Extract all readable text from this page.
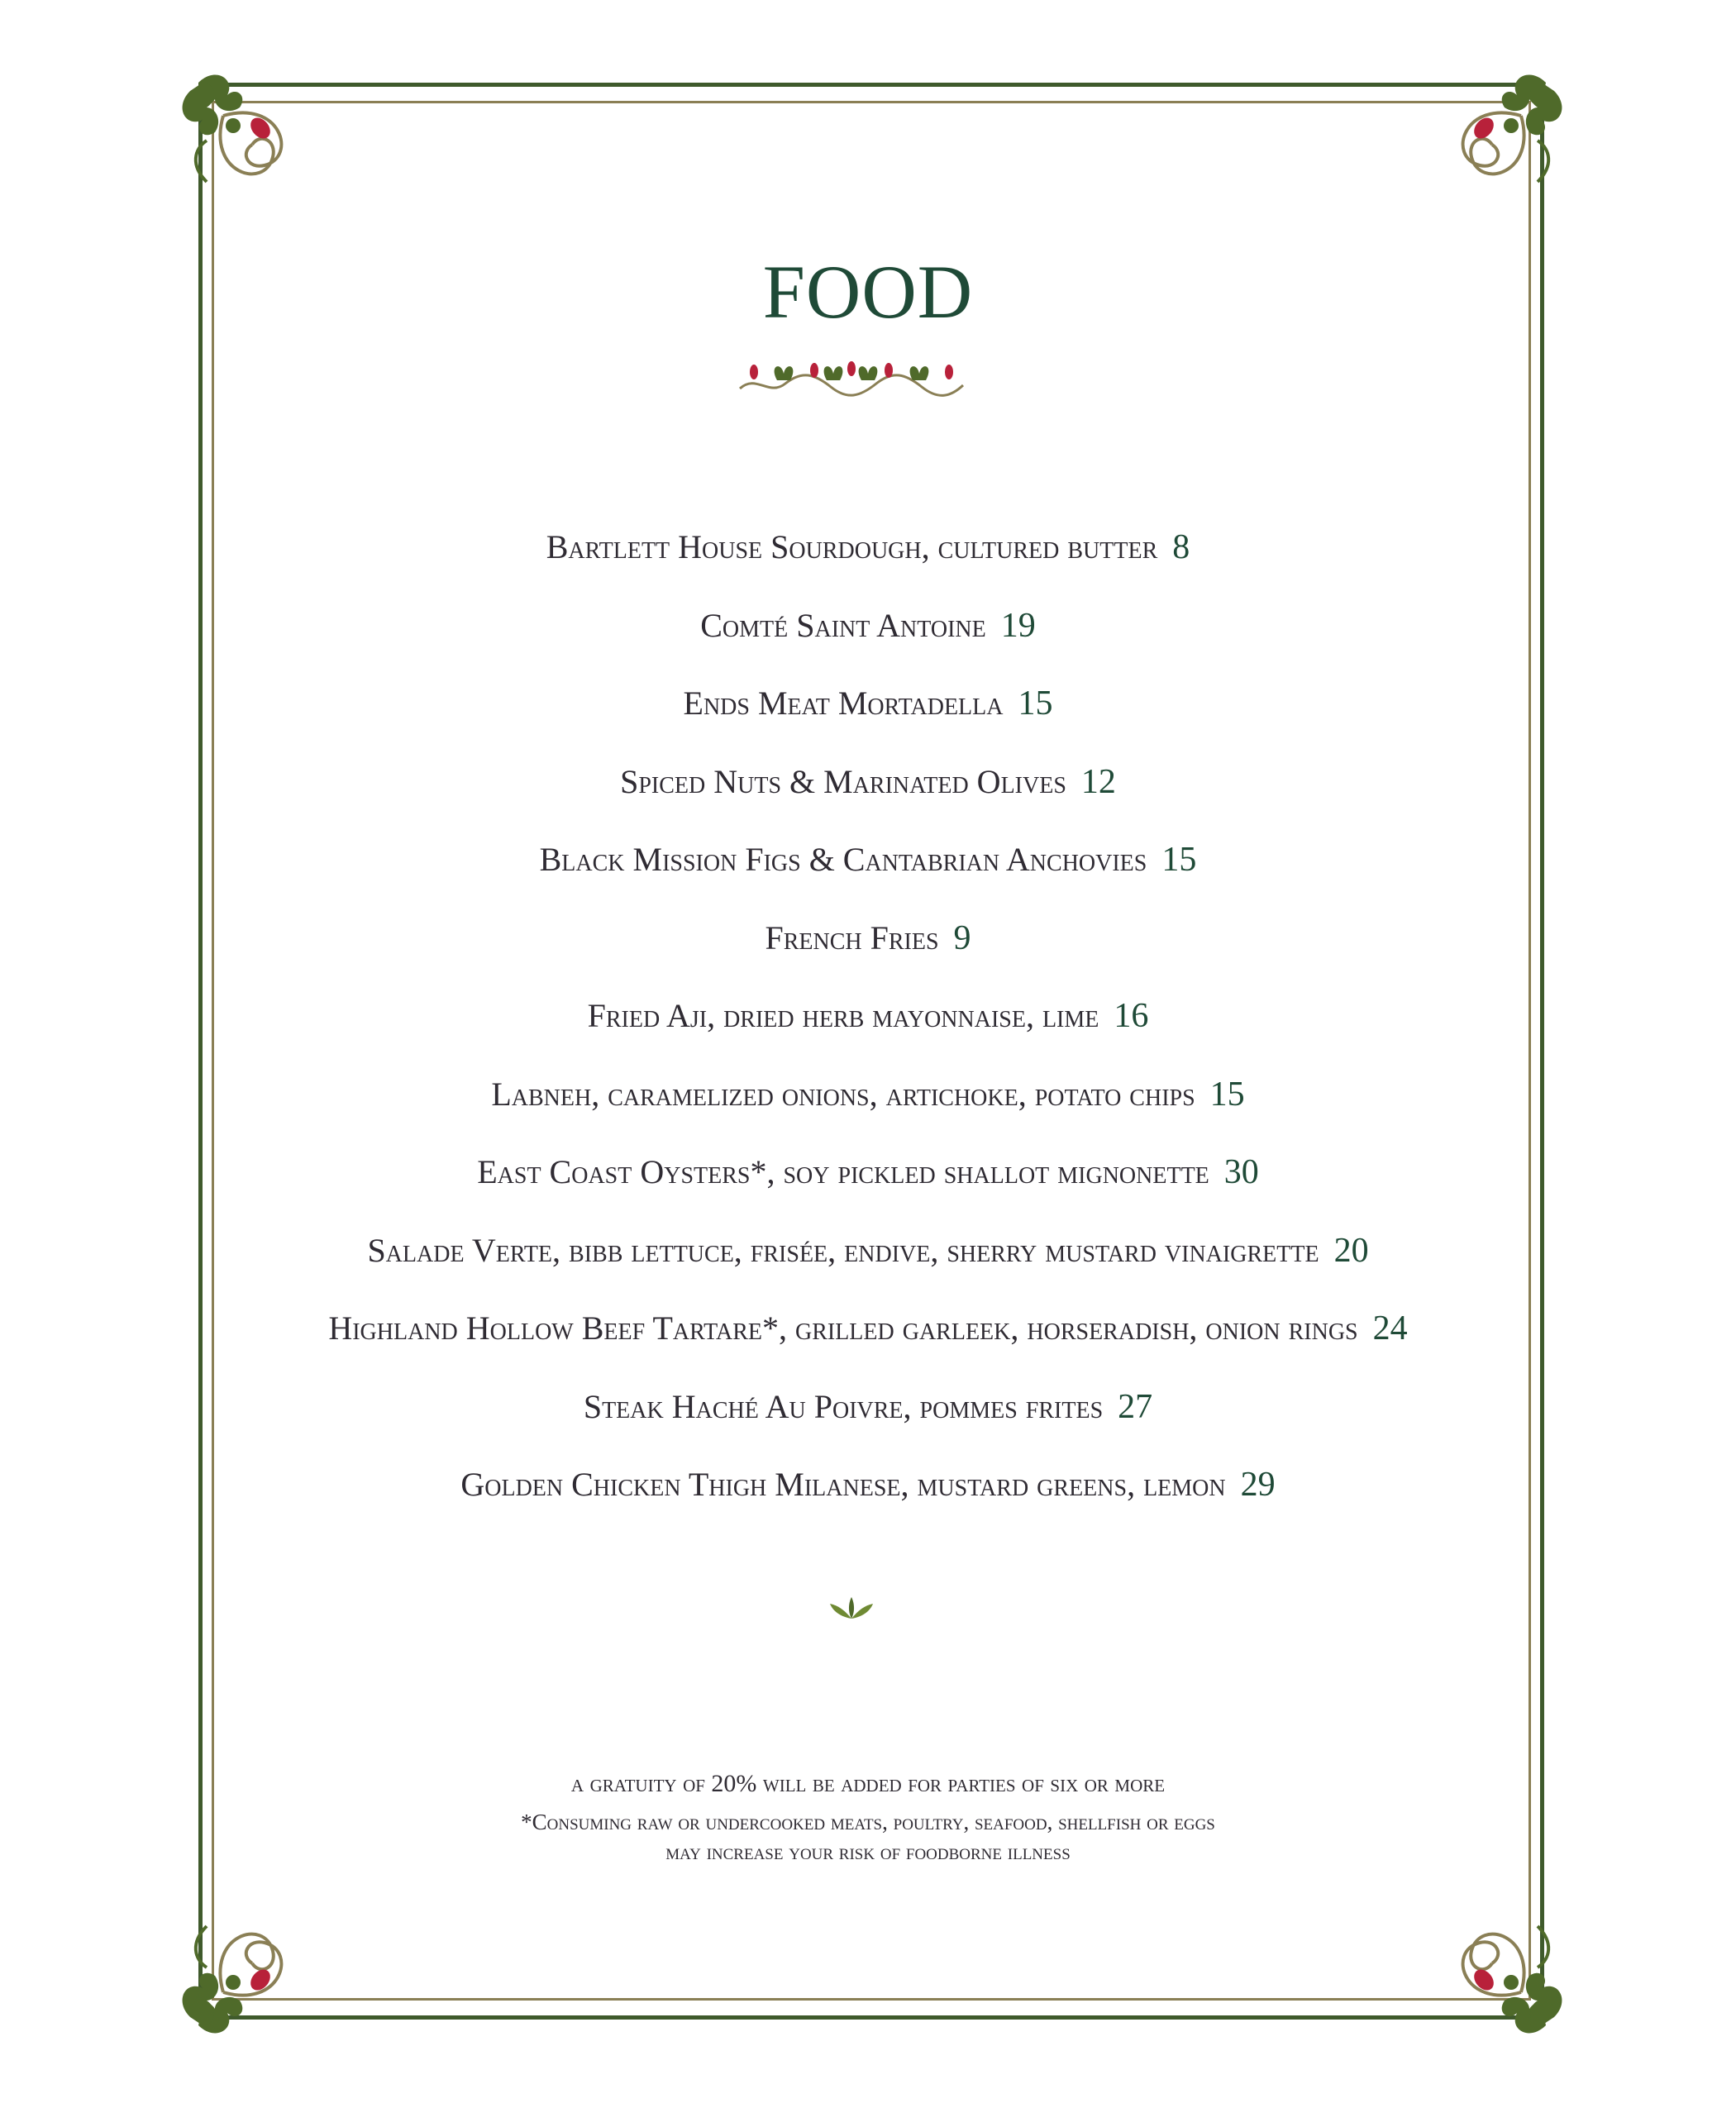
FOOD
Bartlett House Sourdough, cultured butter 8
Comté Saint Antoine 19
Ends Meat Mortadella 15
Spiced Nuts & Marinated Olives 12
Black Mission Figs & Cantabrian Anchovies 15
French Fries 9
Fried Aji, dried herb mayonnaise, lime 16
Labneh, caramelized onions, artichoke, potato chips 15
East Coast Oysters*, soy pickled shallot mignonette 30
Salade Verte, bibb lettuce, frisée, endive, sherry mustard vinaigrette 20
Highland Hollow Beef Tartare*, grilled garleek, horseradish, onion rings 24
Steak Haché Au Poivre, pommes frites 27
Golden Chicken Thigh Milanese, mustard greens, lemon 29
a gratuity of 20% will be added for parties of six or more
*Consuming raw or undercooked meats, poultry, seafood, shellfish or eggs
may increase your risk of foodborne illness
